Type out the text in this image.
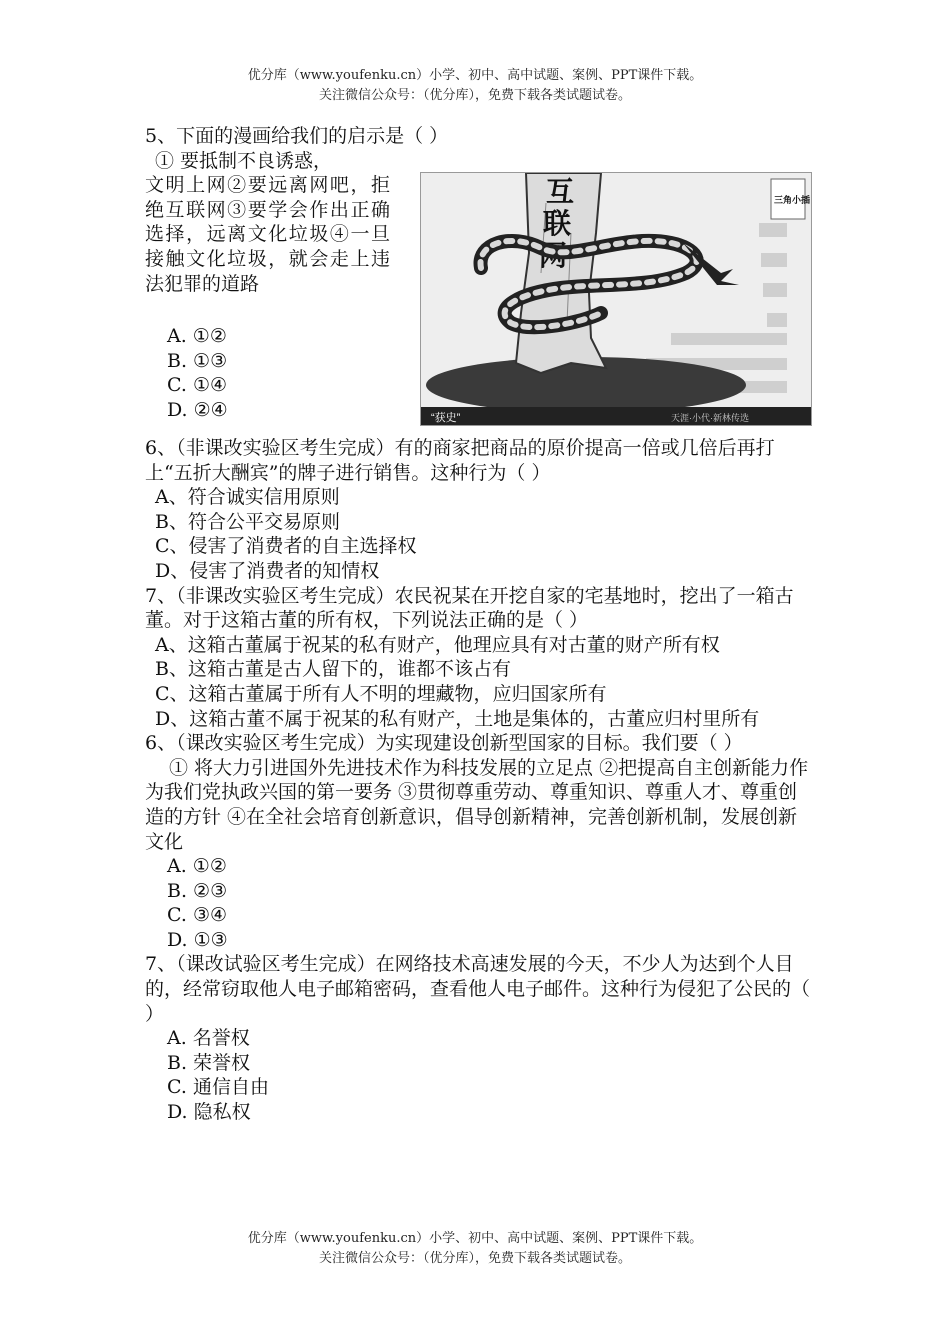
优分库（www.youfenku.cn）小学、初中、高中试题、案例、PPT课件下载。
关注微信公众号：（优分库），免费下载各类试题试卷。
5、下面的漫画给我们的启示是（ ）
① 要抵制不良诱惑，
文明上网②要远离网吧，拒绝互联网③要学会作出正确选择，远离文化垃圾④一旦接触文化垃圾，就会走上违法犯罪的道路
A. ①②
B. ①③
C. ①④
D. ②④
互
联
网
三角小插
“获史”	天涯·小代·新林传选

6、（非课改实验区考生完成）有的商家把商品的原价提高一倍或几倍后再打上“五折大酬宾”的牌子进行销售。这种行为（ ）

A、符合诚实信用原则
B、符合公平交易原则
C、侵害了消费者的自主选择权
D、侵害了消费者的知情权

7、（非课改实验区考生完成）农民祝某在开挖自家的宅基地时，挖出了一箱古董。对于这箱古董的所有权，下列说法正确的是（ ）

A、这箱古董属于祝某的私有财产，他理应具有对古董的财产所有权
B、这箱古董是古人留下的，谁都不该占有
C、这箱古董属于所有人不明的埋藏物，应归国家所有
D、这箱古董不属于祝某的私有财产，土地是集体的，古董应归村里所有

6、（课改实验区考生完成）为实现建设创新型国家的目标。我们要（ ）

① 将大力引进国外先进技术作为科技发展的立足点 ②把提高自主创新能力作为我们党执政兴国的第一要务 ③贯彻尊重劳动、尊重知识、尊重人才、尊重创造的方针 ④在全社会培育创新意识，倡导创新精神，完善创新机制，发展创新文化

A. ①②
B. ②③
C. ③④
D. ①③

7、（课改试验区考生完成）在网络技术高速发展的今天，不少人为达到个人目的，经常窃取他人电子邮箱密码，查看他人电子邮件。这种行为侵犯了公民的（ ）

A. 名誉权
B. 荣誉权
C. 通信自由
D. 隐私权
优分库（www.youfenku.cn）小学、初中、高中试题、案例、PPT课件下载。
关注微信公众号：（优分库），免费下载各类试题试卷。
